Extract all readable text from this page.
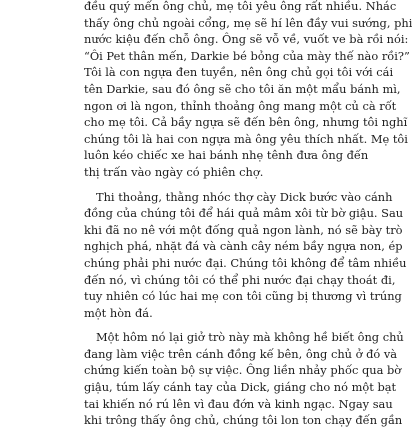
đều quý mến ông chủ, mẹ tôi yêu ông rất nhiều. Nhác
thấy ông chủ ngoài cổng, mẹ sẽ hí lên đầy vui sướng, phi
nước kiệu đến chỗ ông. Ông sẽ vỗ về, vuốt ve bà rồi nói:
“Ôi Pet thân mến, Darkie bé bỏng của mày thế nào rồi?”
Tôi là con ngựa đen tuyền, nên ông chủ gọi tôi với cái
tên Darkie, sau đó ông sẽ cho tôi ăn một mẩu bánh mì,
ngon ơi là ngon, thỉnh thoảng ông mang một củ cà rốt
cho mẹ tôi. Cả bầy ngựa sẽ đến bên ông, nhưng tôi nghĩ
chúng tôi là hai con ngựa mà ông yêu thích nhất. Mẹ tôi
luôn kéo chiếc xe hai bánh nhẹ tênh đưa ông đến
thị trấn vào ngày có phiên chợ.

Thi thoảng, thằng nhóc thợ cày Dick bước vào cánh
đồng của chúng tôi để hái quả mâm xôi từ bờ giậu. Sau
khi đã no nê với một đống quả ngon lành, nó sẽ bày trò
nghịch phá, nhặt đá và cành cây ném bầy ngựa non, ép
chúng phải phi nước đại. Chúng tôi không để tâm nhiều
đến nó, vì chúng tôi có thể phi nước đại chạy thoát đi,
tuy nhiên có lúc hai mẹ con tôi cũng bị thương vì trúng
một hòn đá.

Một hôm nó lại giở trò này mà không hề biết ông chủ
đang làm việc trên cánh đồng kế bên, ông chủ ở đó và
chứng kiến toàn bộ sự việc. Ông liền nhảy phốc qua bờ
giậu, túm lấy cánh tay của Dick, giáng cho nó một bạt
tai khiến nó rú lên vì đau đớn và kinh ngạc. Ngay sau
khi trông thấy ông chủ, chúng tôi lon ton chạy đến gần
